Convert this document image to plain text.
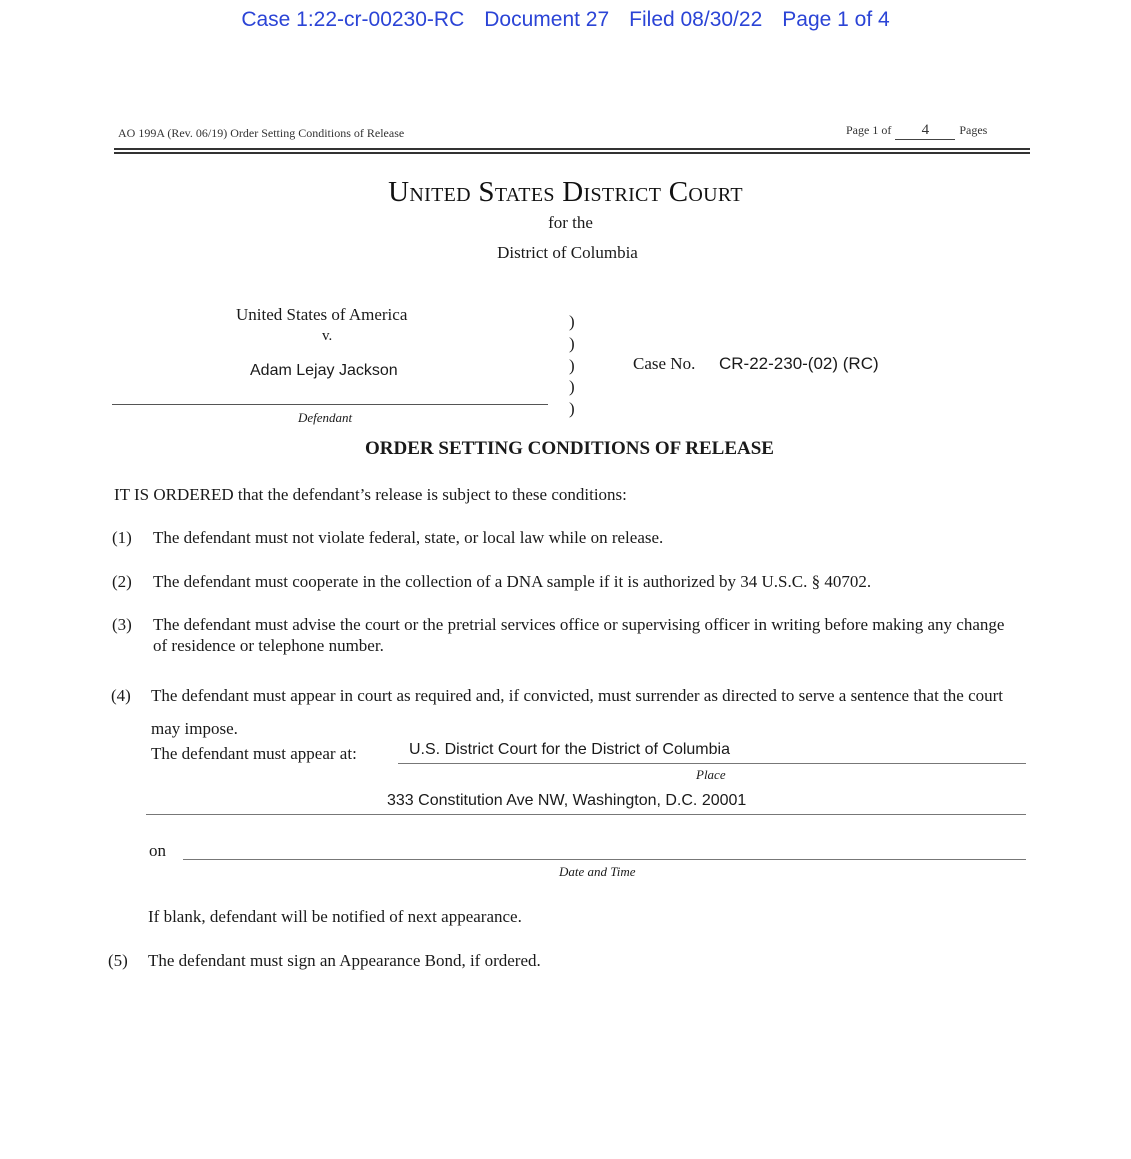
Case 1:22-cr-00230-RC Document 27 Filed 08/30/22 Page 1 of 4
AO 199A (Rev. 06/19) Order Setting Conditions of Release	Page 1 of 4	Pages
United States District Court
for the
District of Columbia
United States of America
v.
Adam Lejay Jackson
Defendant
)
)
)
)
)
Case No. CR-22-230-(02) (RC)
ORDER SETTING CONDITIONS OF RELEASE
IT IS ORDERED that the defendant’s release is subject to these conditions:
(1) The defendant must not violate federal, state, or local law while on release.
(2) The defendant must cooperate in the collection of a DNA sample if it is authorized by 34 U.S.C. § 40702.
(3) The defendant must advise the court or the pretrial services office or supervising officer in writing before making any change of residence or telephone number.
(4) The defendant must appear in court as required and, if convicted, must surrender as directed to serve a sentence that the court may impose.
The defendant must appear at:	U.S. District Court for the District of Columbia
Place
333 Constitution Ave NW, Washington, D.C. 20001
on
Date and Time
If blank, defendant will be notified of next appearance.
(5) The defendant must sign an Appearance Bond, if ordered.
